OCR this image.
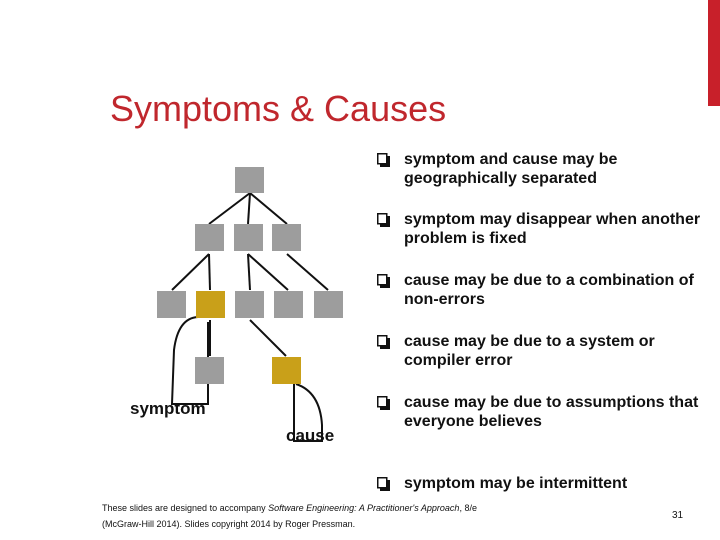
Symptoms & Causes
symptom
cause
symptom and cause may be geographically separated
symptom may disappear when another problem is fixed
cause may be due to a combination of non-errors
cause may be due to a system or compiler error
cause may be due to assumptions that everyone believes
symptom may be intermittent
These slides are designed to accompany Software Engineering: A Practitioner's Approach, 8/e
(McGraw-Hill 2014). Slides copyright 2014 by Roger Pressman.
31
